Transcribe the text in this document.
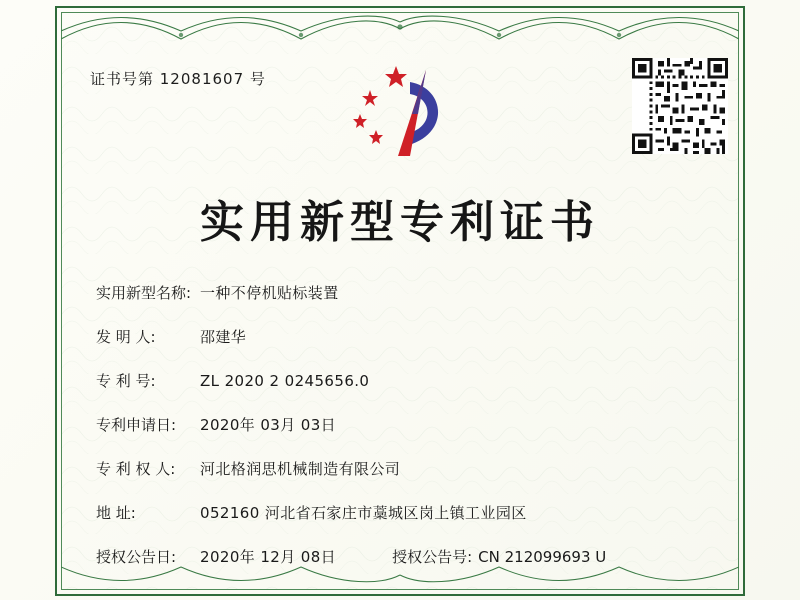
证书号第 12081607 号
实用新型专利证书
实用新型名称: 一种不停机贴标装置
发 明 人:	邵建华
专 利 号:	ZL 2020 2 0245656.0
专利申请日:	2020年 03月 03日
专 利 权 人:	河北格润思机械制造有限公司
地 址:	052160 河北省石家庄市藁城区岗上镇工业园区
授权公告日:	2020年 12月 08日	授权公告号: CN 212099693 U
